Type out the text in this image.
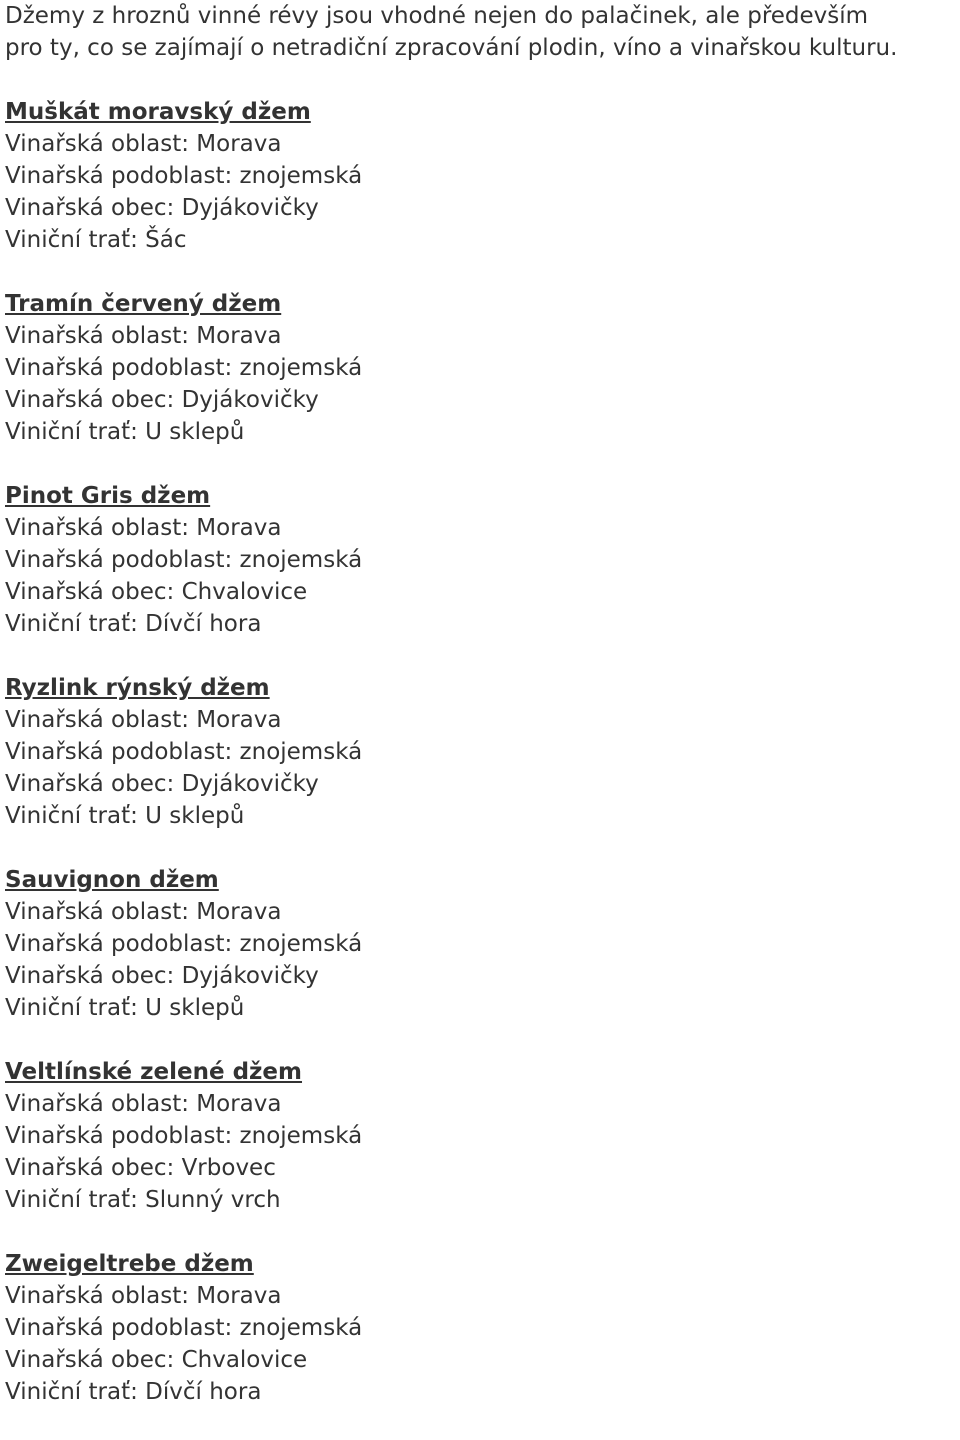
Džemy z hroznů vinné révy jsou vhodné nejen do palačinek, ale především
pro ty, co se zajímají o netradiční zpracování plodin, víno a vinařskou kulturu.

Muškát moravský džem
Vinařská oblast: Morava
Vinařská podoblast: znojemská
Vinařská obec: Dyjákovičky
Viniční trať: Šác
Tramín červený džem
Vinařská oblast: Morava
Vinařská podoblast: znojemská
Vinařská obec: Dyjákovičky
Viniční trať: U sklepů
Pinot Gris džem
Vinařská oblast: Morava
Vinařská podoblast: znojemská
Vinařská obec: Chvalovice
Viniční trať: Dívčí hora
Ryzlink rýnský džem
Vinařská oblast: Morava
Vinařská podoblast: znojemská
Vinařská obec: Dyjákovičky
Viniční trať: U sklepů
Sauvignon džem
Vinařská oblast: Morava
Vinařská podoblast: znojemská
Vinařská obec: Dyjákovičky
Viniční trať: U sklepů
Veltlínské zelené džem
Vinařská oblast: Morava
Vinařská podoblast: znojemská
Vinařská obec: Vrbovec
Viniční trať: Slunný vrch
Zweigeltrebe džem
Vinařská oblast: Morava
Vinařská podoblast: znojemská
Vinařská obec: Chvalovice
Viniční trať: Dívčí hora
